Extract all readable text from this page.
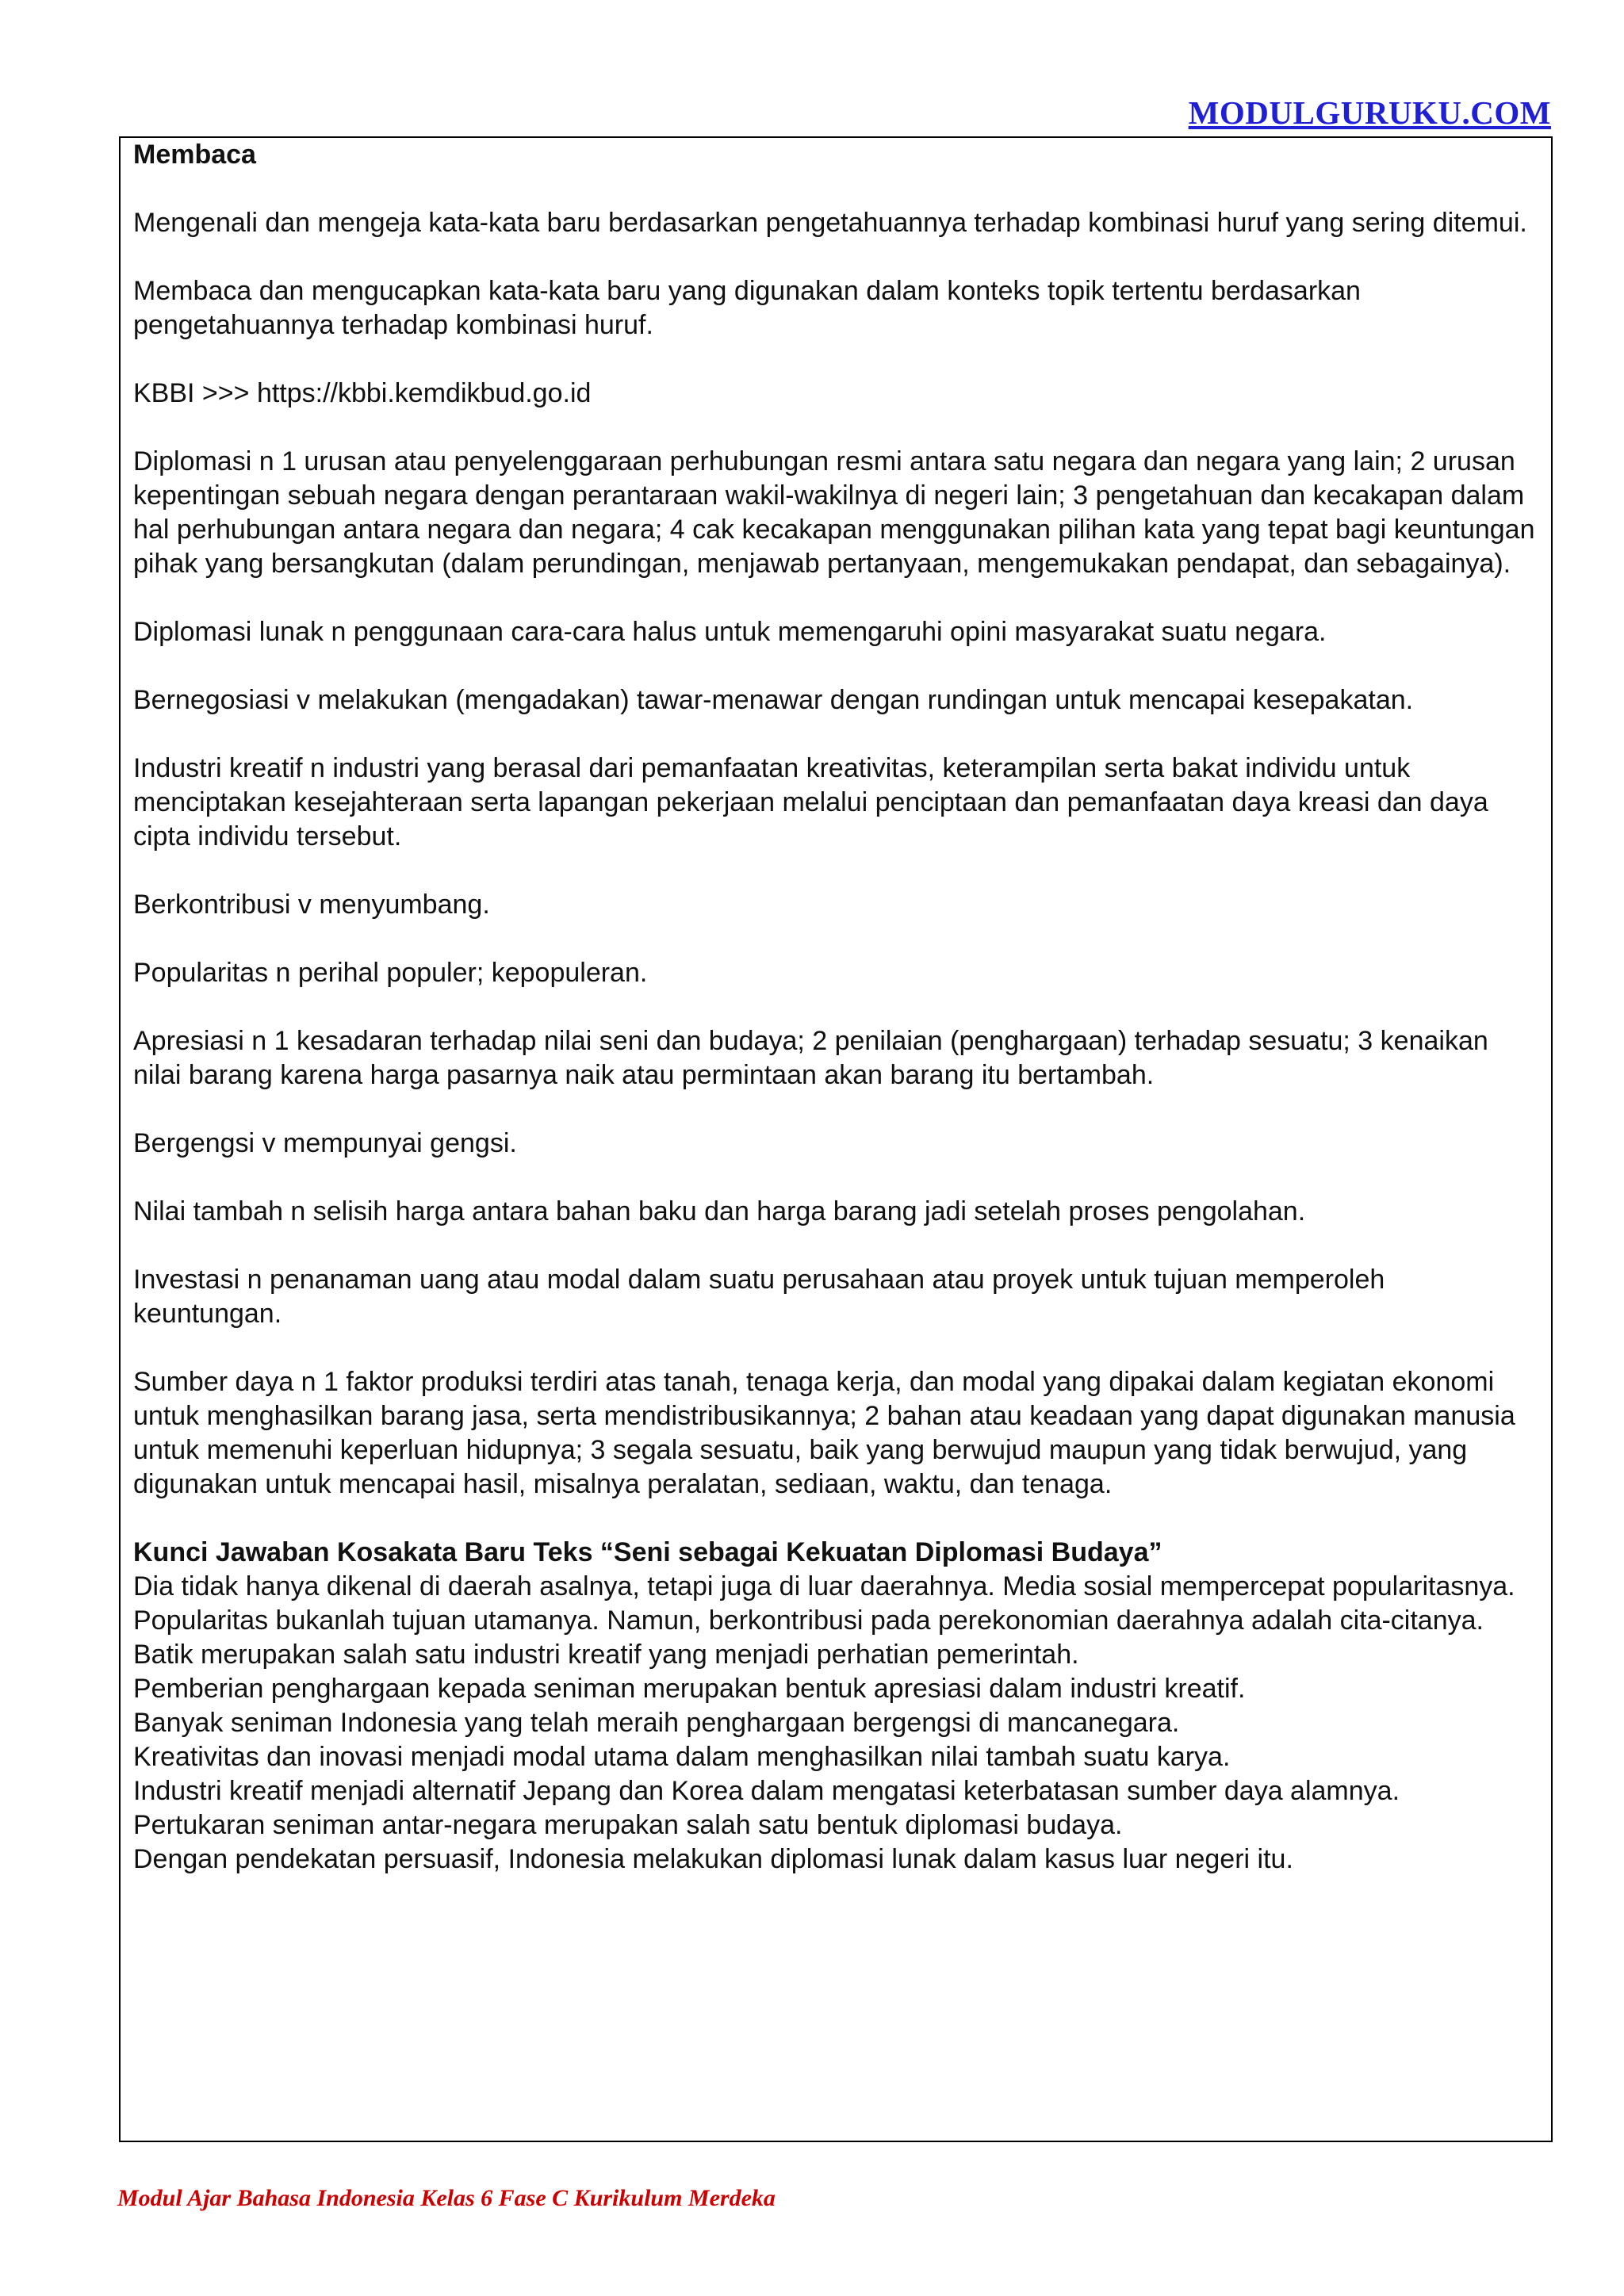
MODULGURUKU.COM

Membaca

Mengenali dan mengeja kata-kata baru berdasarkan pengetahuannya terhadap kombinasi huruf yang sering ditemui.

Membaca dan mengucapkan kata-kata baru yang digunakan dalam konteks topik tertentu berdasarkan pengetahuannya terhadap kombinasi huruf.

KBBI >>> https://kbbi.kemdikbud.go.id

Diplomasi n 1 urusan atau penyelenggaraan perhubungan resmi antara satu negara dan negara yang lain; 2 urusan kepentingan sebuah negara dengan perantaraan wakil-wakilnya di negeri lain; 3 pengetahuan dan kecakapan dalam hal perhubungan antara negara dan negara; 4 cak kecakapan menggunakan pilihan kata yang tepat bagi keuntungan pihak yang bersangkutan (dalam perundingan, menjawab pertanyaan, mengemukakan pendapat, dan sebagainya).

Diplomasi lunak n penggunaan cara-cara halus untuk memengaruhi opini masyarakat suatu negara.

Bernegosiasi v melakukan (mengadakan) tawar-menawar dengan rundingan untuk mencapai kesepakatan.

Industri kreatif n industri yang berasal dari pemanfaatan kreativitas, keterampilan serta bakat individu untuk menciptakan kesejahteraan serta lapangan pekerjaan melalui penciptaan dan pemanfaatan daya kreasi dan daya cipta individu tersebut.

Berkontribusi v menyumbang.

Popularitas n perihal populer; kepopuleran.

Apresiasi n 1 kesadaran terhadap nilai seni dan budaya; 2 penilaian (penghargaan) terhadap sesuatu; 3 kenaikan nilai barang karena harga pasarnya naik atau permintaan akan barang itu bertambah.

Bergengsi v mempunyai gengsi.

Nilai tambah n selisih harga antara bahan baku dan harga barang jadi setelah proses pengolahan.

Investasi n penanaman uang atau modal dalam suatu perusahaan atau proyek untuk tujuan memperoleh keuntungan.

Sumber daya n 1 faktor produksi terdiri atas tanah, tenaga kerja, dan modal yang dipakai dalam kegiatan ekonomi untuk menghasilkan barang jasa, serta mendistribusikannya; 2 bahan atau keadaan yang dapat digunakan manusia untuk memenuhi keperluan hidupnya; 3 segala sesuatu, baik yang berwujud maupun yang tidak berwujud, yang digunakan untuk mencapai hasil, misalnya peralatan, sediaan, waktu, dan tenaga.

Kunci Jawaban Kosakata Baru Teks “Seni sebagai Kekuatan Diplomasi Budaya”

Dia tidak hanya dikenal di daerah asalnya, tetapi juga di luar daerahnya. Media sosial mempercepat popularitasnya.
Popularitas bukanlah tujuan utamanya. Namun, berkontribusi pada perekonomian daerahnya adalah cita-citanya.
Batik merupakan salah satu industri kreatif yang menjadi perhatian pemerintah.
Pemberian penghargaan kepada seniman merupakan bentuk apresiasi dalam industri kreatif.
Banyak seniman Indonesia yang telah meraih penghargaan bergengsi di mancanegara.
Kreativitas dan inovasi menjadi modal utama dalam menghasilkan nilai tambah suatu karya.
Industri kreatif menjadi alternatif Jepang dan Korea dalam mengatasi keterbatasan sumber daya alamnya.
Pertukaran seniman antar-negara merupakan salah satu bentuk diplomasi budaya.
Dengan pendekatan persuasif, Indonesia melakukan diplomasi lunak dalam kasus luar negeri itu.
Modul Ajar Bahasa Indonesia Kelas 6 Fase C Kurikulum Merdeka
